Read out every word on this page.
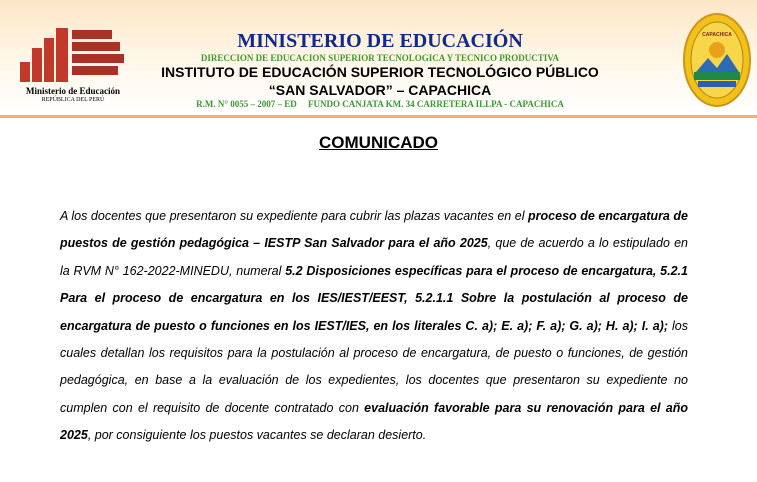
Ministerio de Educación
REPÚBLICA DEL PERÚ
MINISTERIO DE EDUCACIÓN
DIRECCION DE EDUCACION SUPERIOR TECNOLOGICA Y TECNICO PRODUCTIVA
INSTITUTO DE EDUCACIÓN SUPERIOR TECNOLÓGICO PÚBLICO
“SAN SALVADOR” – CAPACHICA
R.M. N° 0055 – 2007 – ED     FUNDO CANJATA KM. 34 CARRETERA ILLPA - CAPACHICA
CAPACHICA
COMUNICADO
A los docentes que presentaron su expediente para cubrir las plazas vacantes en el proceso de encargatura de puestos de gestión pedagógica – IESTP San Salvador para el año 2025, que de acuerdo a lo estipulado en la RVM N° 162-2022-MINEDU, numeral 5.2 Disposiciones específicas para el proceso de encargatura, 5.2.1 Para el proceso de encargatura en los IES/IEST/EEST, 5.2.1.1 Sobre la postulación al proceso de encargatura de puesto o funciones en los IEST/IES, en los literales C. a); E. a); F. a); G. a); H. a); I. a); los cuales detallan los requisitos para la postulación al proceso de encargatura, de puesto o funciones, de gestión pedagógica, en base a la evaluación de los expedientes, los docentes que presentaron su expediente no cumplen con el requisito de docente contratado con evaluación favorable para su renovación para el año 2025, por consiguiente los puestos vacantes se declaran desierto.
